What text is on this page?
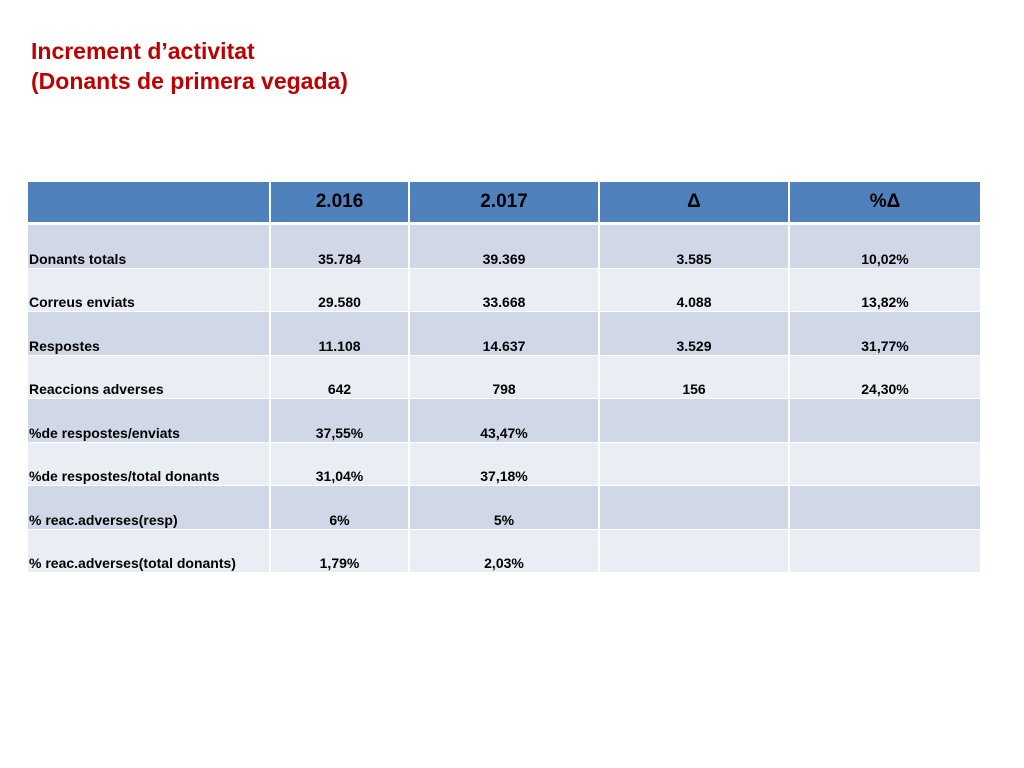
Increment d’activitat
(Donants de primera vegada)
	2.016	2.017	Δ	%Δ
Donants totals	35.784	39.369	3.585	10,02%
Correus enviats	29.580	33.668	4.088	13,82%
Respostes	11.108	14.637	3.529	31,77%
Reaccions adverses	642	798	156	24,30%
%de respostes/enviats	37,55%	43,47%		
%de respostes/total donants	31,04%	37,18%		
% reac.adverses(resp)	6%	5%		
% reac.adverses(total donants)	1,79%	2,03%		
